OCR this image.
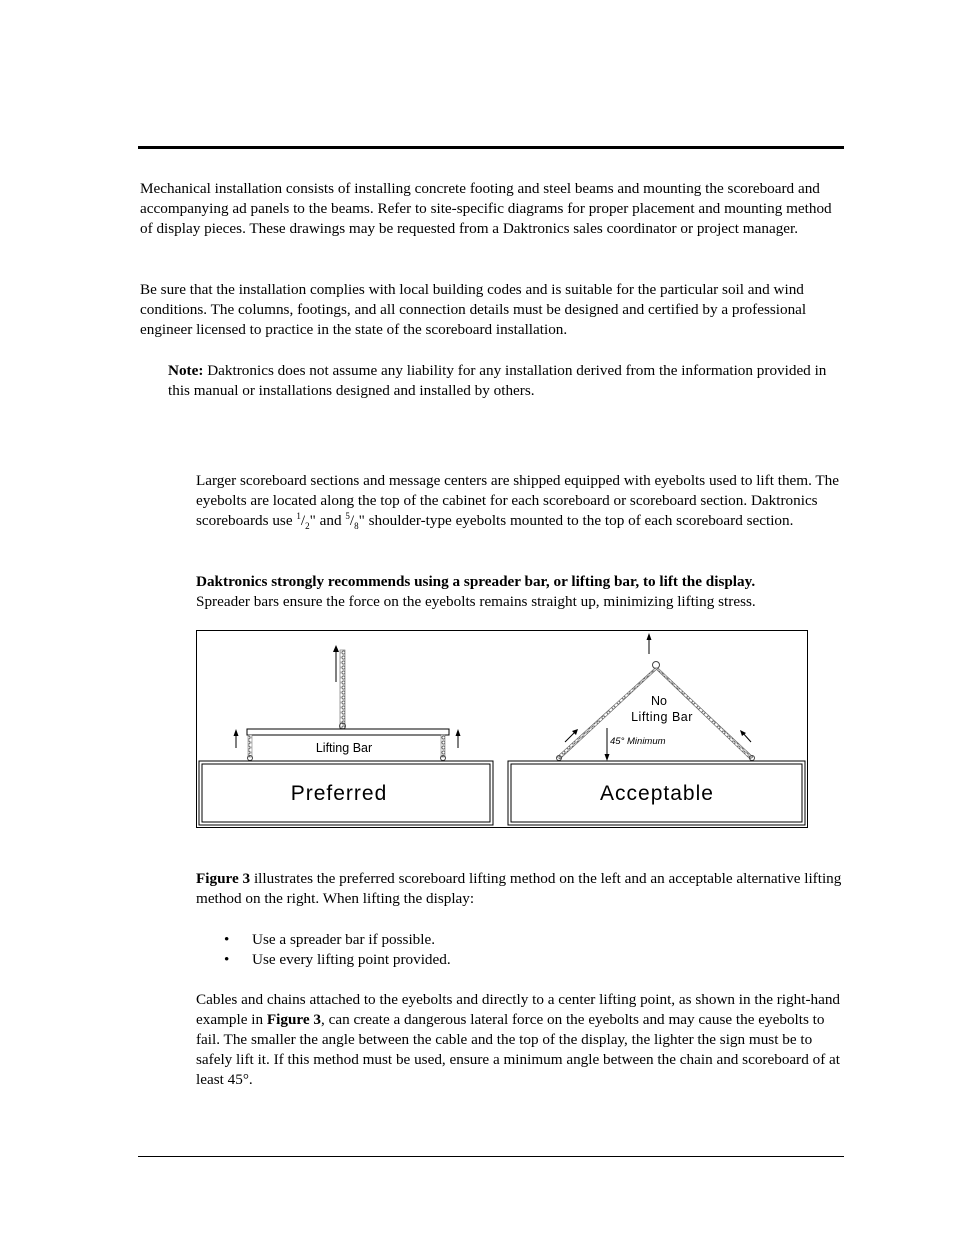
Mechanical installation consists of installing concrete footing and steel beams and mounting the scoreboard and accompanying ad panels to the beams. Refer to site-specific diagrams for proper placement and mounting method of display pieces. These drawings may be requested from a Daktronics sales coordinator or project manager.

Be sure that the installation complies with local building codes and is suitable for the particular soil and wind conditions. The columns, footings, and all connection details must be designed and certified by a professional engineer licensed to practice in the state of the scoreboard installation.

Note: Daktronics does not assume any liability for any installation derived from the information provided in this manual or installations designed and installed by others.

Larger scoreboard sections and message centers are shipped equipped with eyebolts used to lift them. The eyebolts are located along the top of the cabinet for each scoreboard or scoreboard section. Daktronics scoreboards use $^1/_2$" and $^5/_8$" shoulder-type eyebolts mounted to the top of each scoreboard section.

Daktronics strongly recommends using a spreader bar, or lifting bar, to lift the display.
Spreader bars ensure the force on the eyebolts remains straight up, minimizing lifting stress.

Lifting Bar
Preferred
No
Lifting Bar
45° Minimum
Acceptable

Figure 3 illustrates the preferred scoreboard lifting method on the left and an acceptable alternative lifting method on the right. When lifting the display:

• Use a spreader bar if possible.
• Use every lifting point provided.

Cables and chains attached to the eyebolts and directly to a center lifting point, as shown in the right-hand example in Figure 3, can create a dangerous lateral force on the eyebolts and may cause the eyebolts to fail. The smaller the angle between the cable and the top of the display, the lighter the sign must be to safely lift it. If this method must be used, ensure a minimum angle between the chain and scoreboard of at least 45°.
